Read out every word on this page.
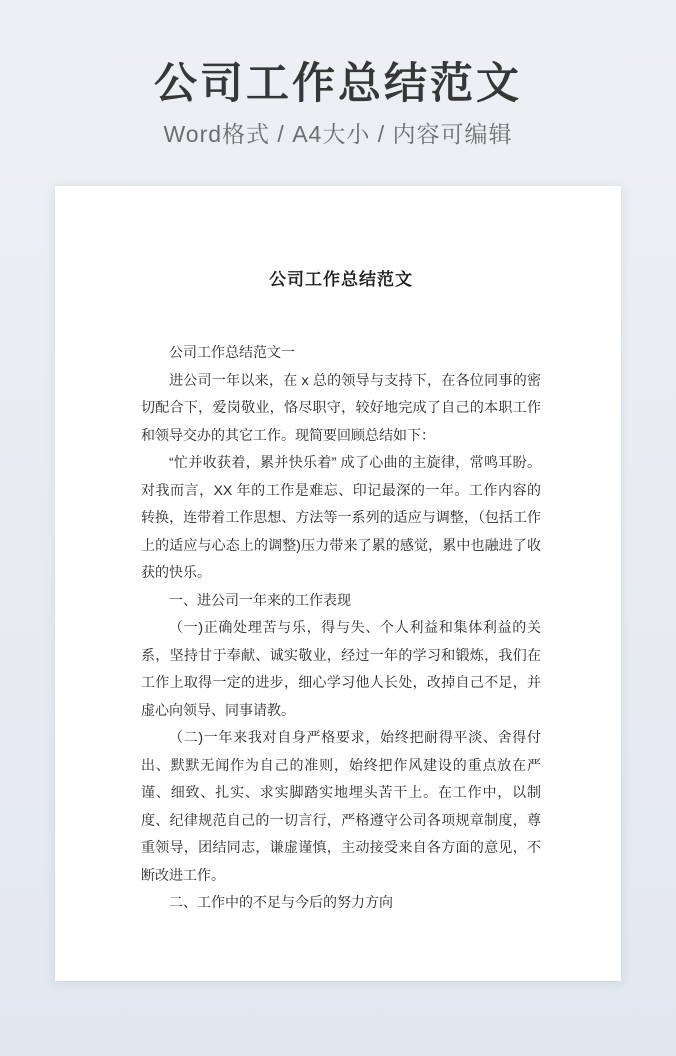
公司工作总结范文
Word格式 / A4大小 / 内容可编辑
公司工作总结范文

公司工作总结范文一

进公司一年以来，在 x 总的领导与支持下，在各位同事的密切配合下，爱岗敬业，恪尽职守，较好地完成了自己的本职工作和领导交办的其它工作。现简要回顾总结如下：

“忙并收获着，累并快乐着” 成了心曲的主旋律，常鸣耳盼。对我而言，XX 年的工作是难忘、印记最深的一年。工作内容的转换，连带着工作思想、方法等一系列的适应与调整，（包括工作上的适应与心态上的调整)压力带来了累的感觉，累中也融进了收获的快乐。

一、进公司一年来的工作表现

（一)正确处理苦与乐，得与失、个人利益和集体利益的关系，坚持甘于奉献、诚实敬业，经过一年的学习和锻炼，我们在工作上取得一定的进步，细心学习他人长处，改掉自己不足，并虚心向领导、同事请教。

（二)一年来我对自身严格要求，始终把耐得平淡、舍得付出、默默无闻作为自己的准则，始终把作风建设的重点放在严谨、细致、扎实、求实脚踏实地埋头苦干上。在工作中，以制度、纪律规范自己的一切言行，严格遵守公司各项规章制度，尊重领导，团结同志，谦虚谨慎，主动接受来自各方面的意见，不断改进工作。

二、工作中的不足与今后的努力方向
